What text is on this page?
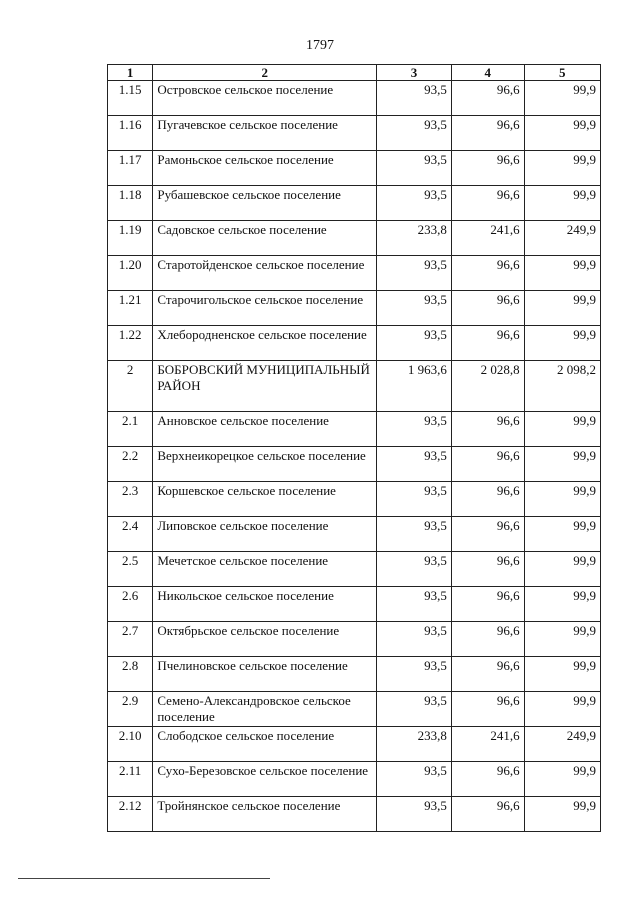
1797
1	2	3	4	5
1.15	Островское сельское поселение	93,5	96,6	99,9
1.16	Пугачевское сельское поселение	93,5	96,6	99,9
1.17	Рамоньское сельское поселение	93,5	96,6	99,9
1.18	Рубашевское сельское поселение	93,5	96,6	99,9
1.19	Садовское сельское поселение	233,8	241,6	249,9
1.20	Старотойденское сельское поселение	93,5	96,6	99,9
1.21	Старочигольское сельское поселение	93,5	96,6	99,9
1.22	Хлебородненское сельское поселение	93,5	96,6	99,9
2	БОБРОВСКИЙ МУНИЦИПАЛЬНЫЙ РАЙОН	1 963,6	2 028,8	2 098,2
2.1	Анновское сельское поселение	93,5	96,6	99,9
2.2	Верхнеикорецкое сельское поселение	93,5	96,6	99,9
2.3	Коршевское сельское поселение	93,5	96,6	99,9
2.4	Липовское сельское поселение	93,5	96,6	99,9
2.5	Мечетское сельское поселение	93,5	96,6	99,9
2.6	Никольское сельское поселение	93,5	96,6	99,9
2.7	Октябрьское сельское поселение	93,5	96,6	99,9
2.8	Пчелиновское сельское поселение	93,5	96,6	99,9
2.9	Семено-Александровское сельское поселение	93,5	96,6	99,9
2.10	Слободское сельское поселение	233,8	241,6	249,9
2.11	Сухо-Березовское сельское поселение	93,5	96,6	99,9
2.12	Тройнянское сельское поселение	93,5	96,6	99,9
